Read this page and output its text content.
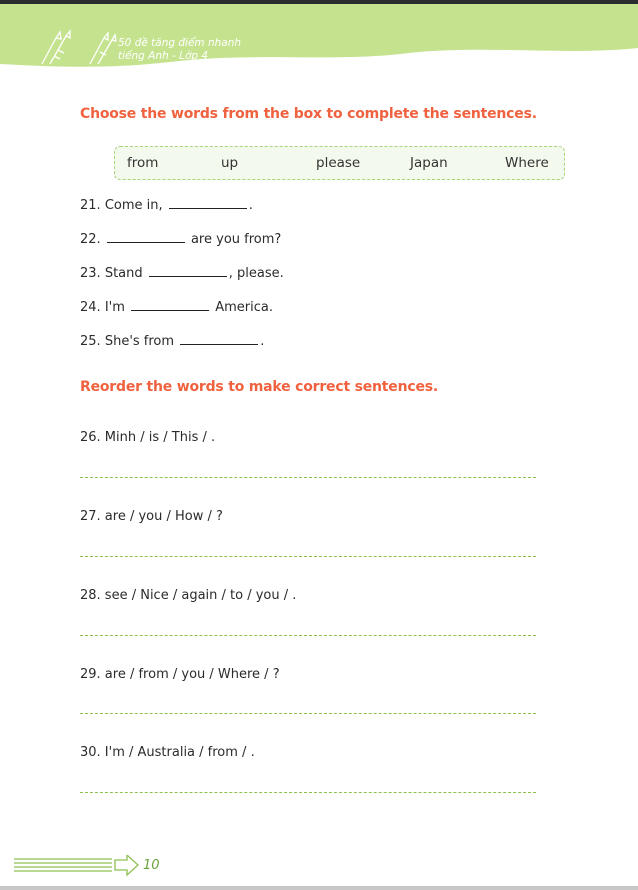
50 đề tăng điểm nhanh
tiếng Anh - Lớp 4
Choose the words from the box to complete the sentences.
from	up	please	Japan	Where
21. Come in,	.
22.	are you from?
23. Stand	, please.
24. I'm	America.
25. She's from	.
Reorder the words to make correct sentences.
26. Minh / is / This / .
27. are / you / How / ?
28. see / Nice / again / to / you / .
29. are / from / you / Where / ?
30. I'm / Australia / from / .
10
